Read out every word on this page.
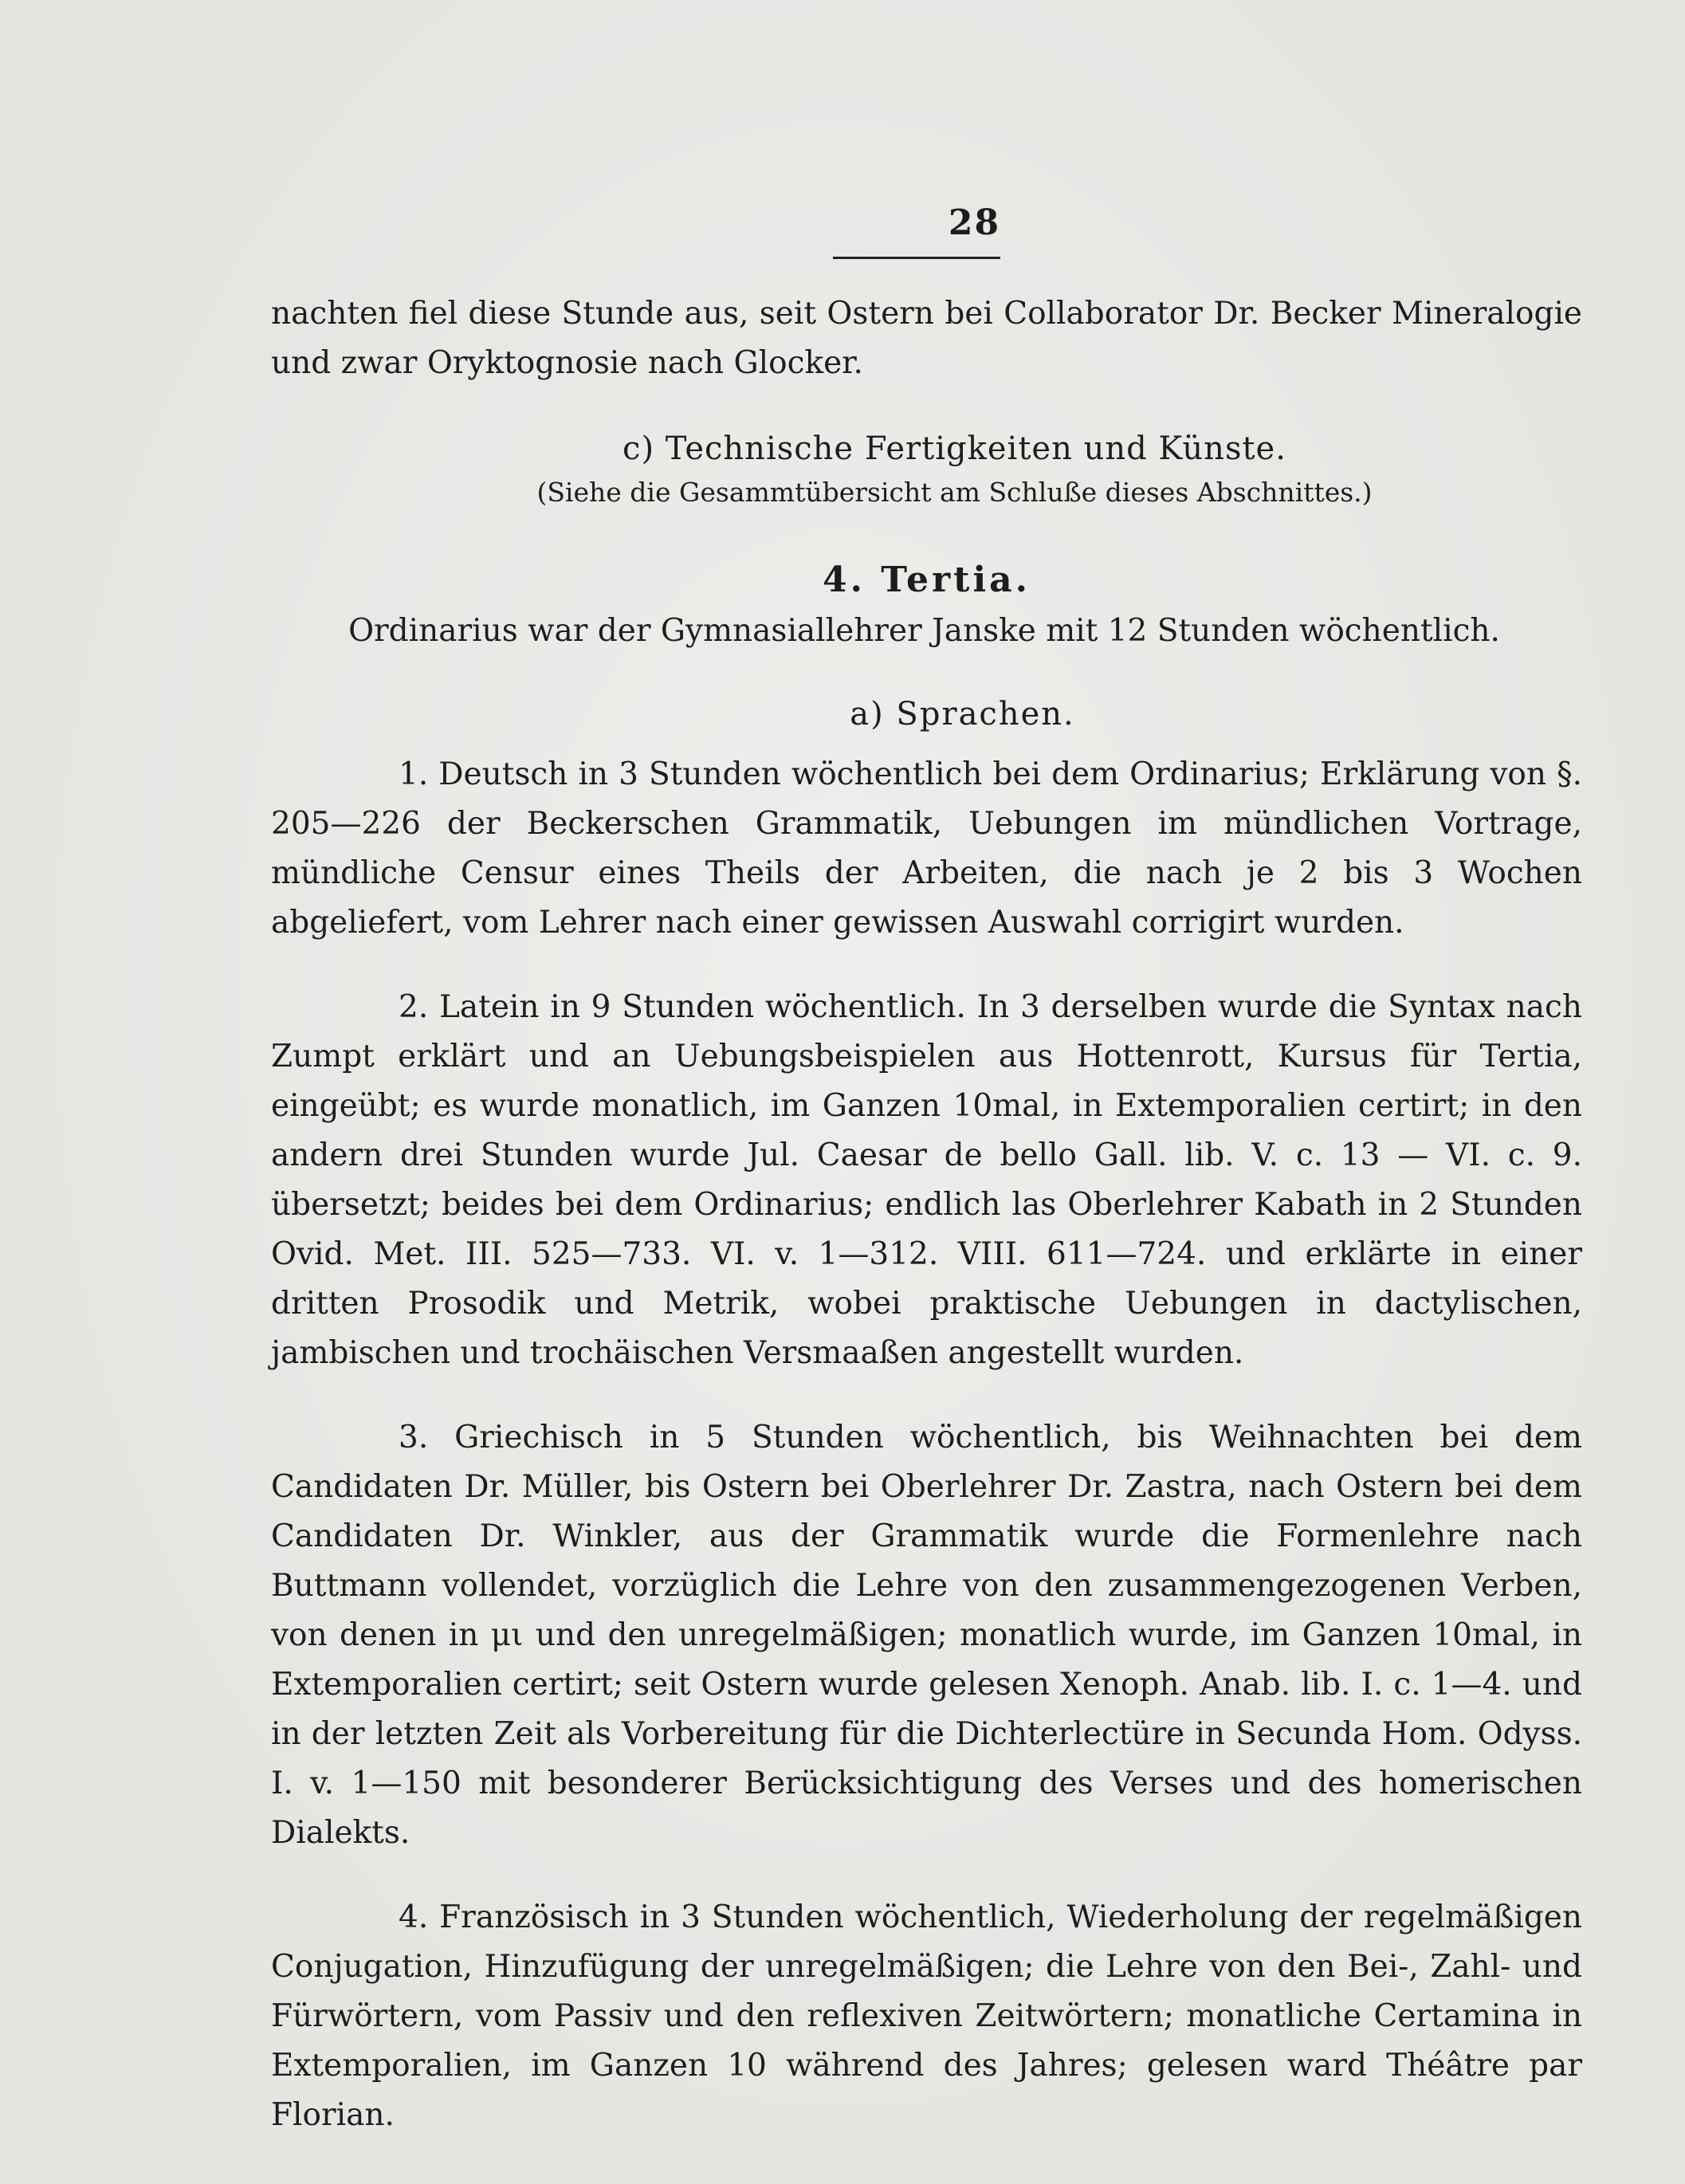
28

nachten fiel diese Stunde aus, seit Ostern bei Collaborator Dr. Becker Mineralogie und zwar Oryktognosie nach Glocker.

c) Technische Fertigkeiten und Künste.
(Siehe die Gesammtübersicht am Schluße dieses Abschnittes.)
4. Tertia.
Ordinarius war der Gymnasiallehrer Janske mit 12 Stunden wöchentlich.
a) Sprachen.

1. Deutsch in 3 Stunden wöchentlich bei dem Ordinarius; Erklärung von §. 205—226 der Beckerschen Grammatik, Uebungen im mündlichen Vortrage, mündliche Censur eines Theils der Arbeiten, die nach je 2 bis 3 Wochen abgeliefert, vom Lehrer nach einer gewissen Auswahl corrigirt wurden.

2. Latein in 9 Stunden wöchentlich. In 3 derselben wurde die Syntax nach Zumpt erklärt und an Uebungsbeispielen aus Hottenrott, Kursus für Tertia, eingeübt; es wurde monatlich, im Ganzen 10mal, in Extemporalien certirt; in den andern drei Stunden wurde Jul. Caesar de bello Gall. lib. V. c. 13 — VI. c. 9. übersetzt; beides bei dem Ordinarius; endlich las Oberlehrer Kabath in 2 Stunden Ovid. Met. III. 525—733. VI. v. 1—312. VIII. 611—724. und erklärte in einer dritten Prosodik und Metrik, wobei praktische Uebungen in dactylischen, jambischen und trochäischen Versmaaßen angestellt wurden.

3. Griechisch in 5 Stunden wöchentlich, bis Weihnachten bei dem Candidaten Dr. Müller, bis Ostern bei Oberlehrer Dr. Zastra, nach Ostern bei dem Candidaten Dr. Winkler, aus der Grammatik wurde die Formenlehre nach Buttmann vollendet, vorzüglich die Lehre von den zusammengezogenen Verben, von denen in μι und den unregelmäßigen; monatlich wurde, im Ganzen 10mal, in Extemporalien certirt; seit Ostern wurde gelesen Xenoph. Anab. lib. I. c. 1—4. und in der letzten Zeit als Vorbereitung für die Dichterlectüre in Secunda Hom. Odyss. I. v. 1—150 mit besonderer Berücksichtigung des Verses und des homerischen Dialekts.

4. Französisch in 3 Stunden wöchentlich, Wiederholung der regelmäßigen Conjugation, Hinzufügung der unregelmäßigen; die Lehre von den Bei-, Zahl- und Fürwörtern, vom Passiv und den reflexiven Zeitwörtern; monatliche Certamina in Extemporalien, im Ganzen 10 während des Jahres; gelesen ward Théâtre par Florian.
